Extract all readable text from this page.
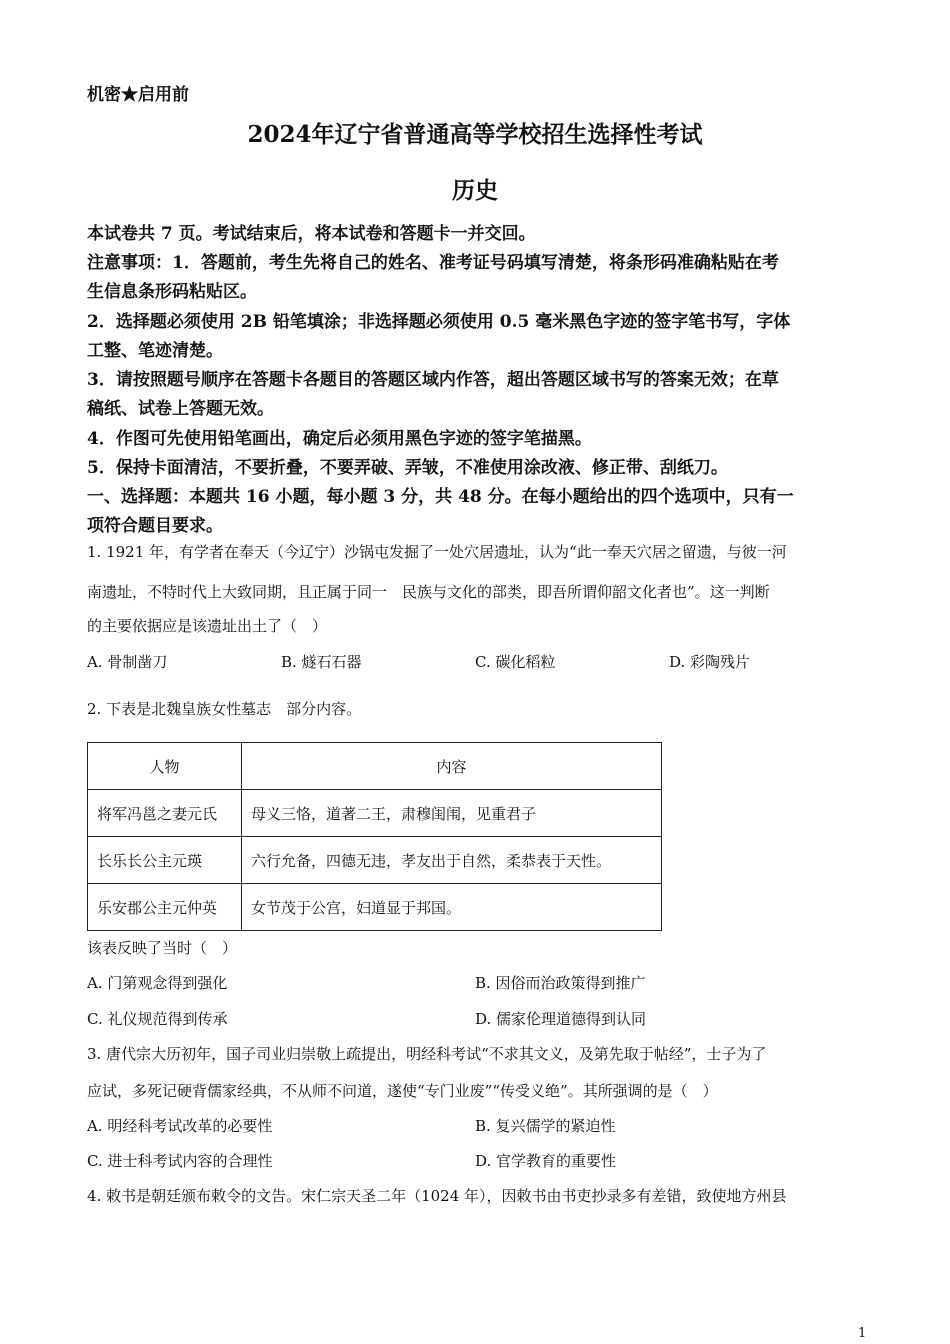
机密★启用前
2024年辽宁省普通高等学校招生选择性考试
历史
本试卷共 7 页。考试结束后，将本试卷和答题卡一并交回。
注意事项：1．答题前，考生先将自己的姓名、准考证号码填写清楚，将条形码准确粘贴在考
生信息条形码粘贴区。
2．选择题必须使用 2B 铅笔填涂；非选择题必须使用 0.5 毫米黑色字迹的签字笔书写，字体
工整、笔迹清楚。
3．请按照题号顺序在答题卡各题目的答题区域内作答，超出答题区域书写的答案无效；在草
稿纸、试卷上答题无效。
4．作图可先使用铅笔画出，确定后必须用黑色字迹的签字笔描黑。
5．保持卡面清洁，不要折叠，不要弄破、弄皱，不准使用涂改液、修正带、刮纸刀。
一、选择题：本题共 16 小题，每小题 3 分，共 48 分。在每小题给出的四个选项中，只有一
项符合题目要求。
1. 1921 年，有学者在奉天（今辽宁）沙锅屯发掘了一处穴居遗址，认为“此一奉天穴居之留遗，与彼一河
南遗址，不特时代上大致同期，且正属于同一　民族与文化的部类，即吾所谓仰韶文化者也”。这一判断
的主要依据应是该遗址出土了（　）
A. 骨制凿刀	B. 燧石石器	C. 碳化稻粒	D. 彩陶残片
2. 下表是北魏皇族女性墓志　部分内容。
人物	内容
将军冯邕之妻元氏	母义三恪，道著二王，肃穆闺闱，见重君子
长乐长公主元瑛	六行允备，四德无违，孝友出于自然，柔恭表于天性。
乐安郡公主元仲英	女节茂于公宫，妇道显于邦国。
该表反映了当时（　）
A. 门第观念得到强化	B. 因俗而治政策得到推广
C. 礼仪规范得到传承	D. 儒家伦理道德得到认同
3. 唐代宗大历初年，国子司业归崇敬上疏提出，明经科考试“不求其文义，及第先取于帖经”，士子为了
应试，多死记硬背儒家经典，不从师不问道，遂使“专门业废”“传受义绝”。其所强调的是（　）
A. 明经科考试改革的必要性	B. 复兴儒学的紧迫性
C. 进士科考试内容的合理性	D. 官学教育的重要性
4. 敕书是朝廷颁布敕令的文告。宋仁宗天圣二年（1024 年），因敕书由书吏抄录多有差错，致使地方州县
1
